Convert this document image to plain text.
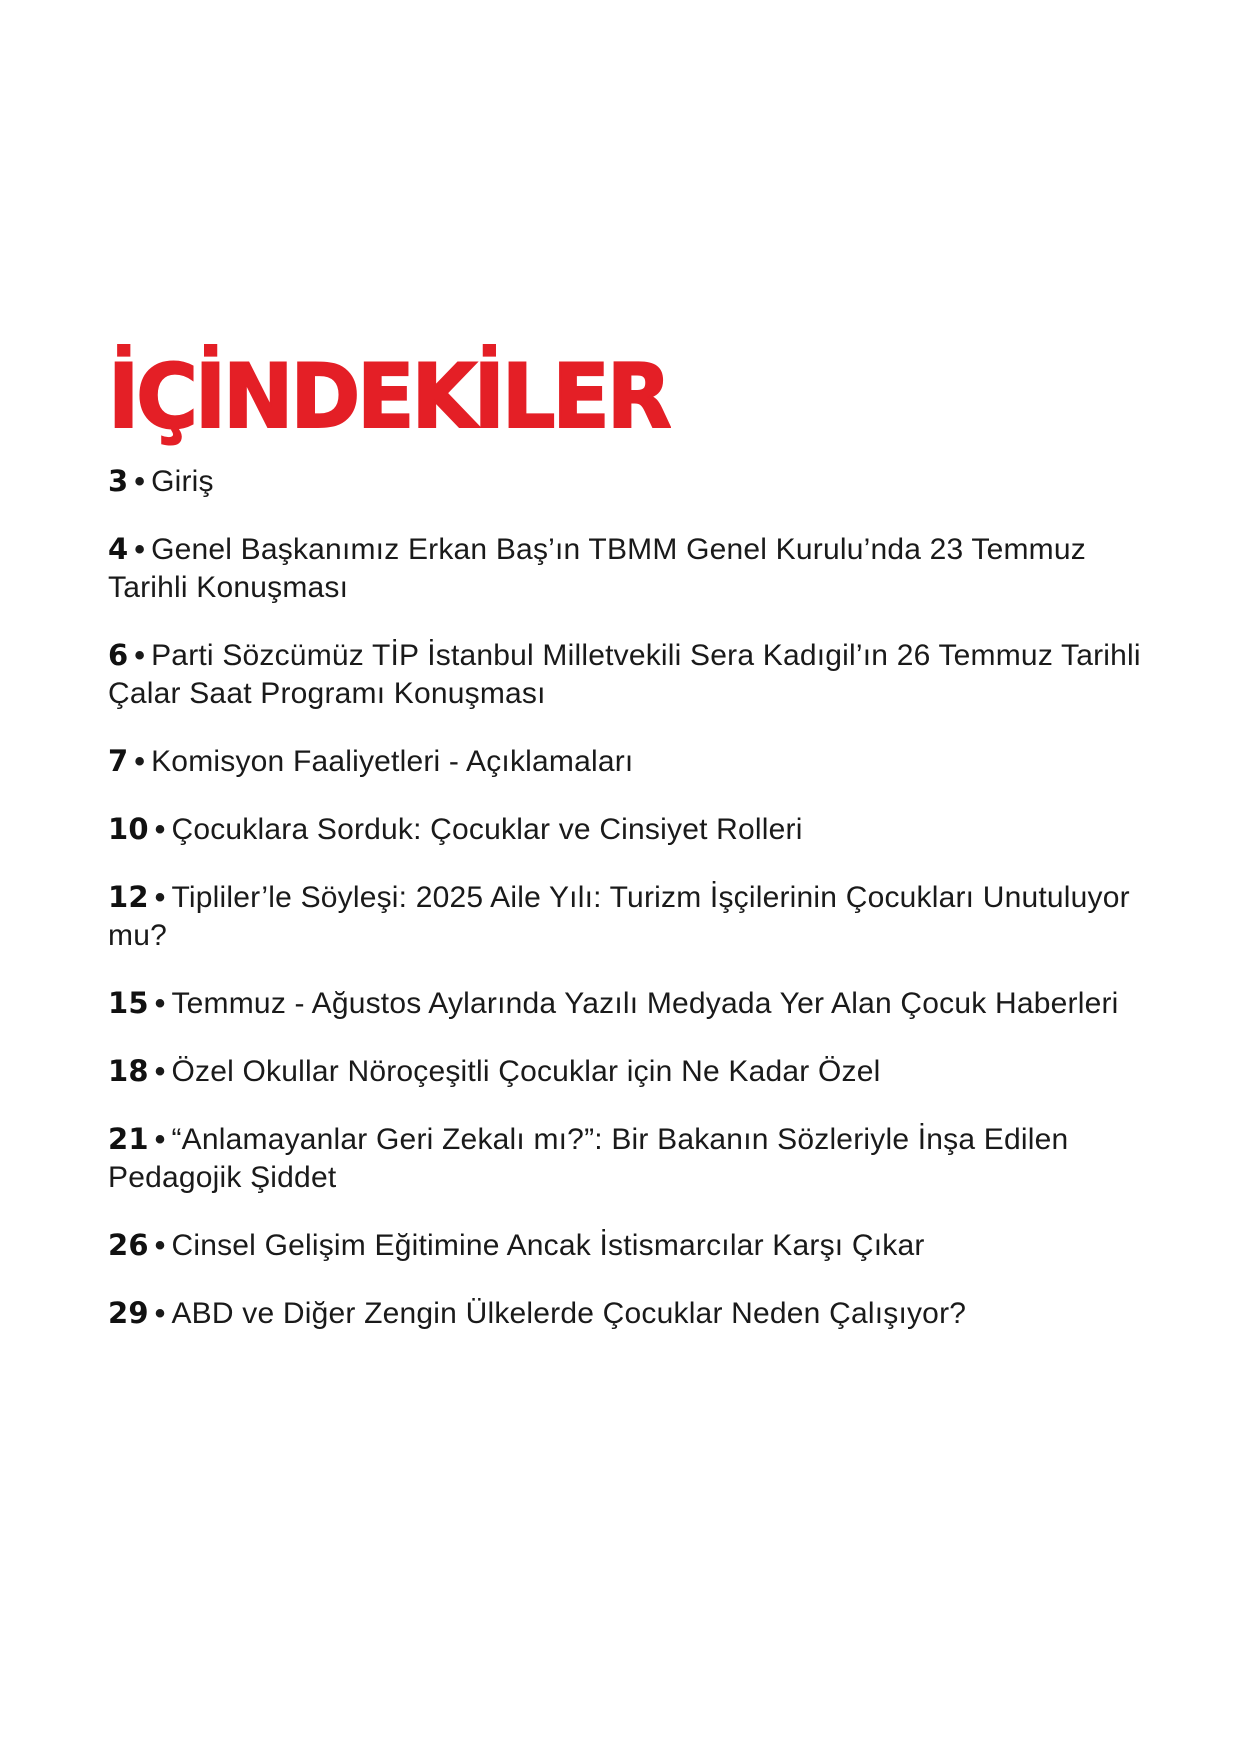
İÇİNDEKİLER
3 • Giriş
4 • Genel Başkanımız Erkan Baş’ın TBMM Genel Kurulu’nda 23 Temmuz Tarihli Konuşması
6 • Parti Sözcümüz TİP İstanbul Milletvekili Sera Kadıgil’ın 26 Temmuz Tarihli Çalar Saat Programı Konuşması
7 • Komisyon Faaliyetleri - Açıklamaları
10 • Çocuklara Sorduk: Çocuklar ve Cinsiyet Rolleri
12 • Tipliler’le Söyleşi: 2025 Aile Yılı: Turizm İşçilerinin Çocukları Unutuluyor mu?
15 • Temmuz - Ağustos Aylarında Yazılı Medyada Yer Alan Çocuk Haberleri
18 • Özel Okullar Nöroçeşitli Çocuklar için Ne Kadar Özel
21 • “Anlamayanlar Geri Zekalı mı?”: Bir Bakanın Sözleriyle İnşa Edilen Pedagojik Şiddet
26 • Cinsel Gelişim Eğitimine Ancak İstismarcılar Karşı Çıkar
29 • ABD ve Diğer Zengin Ülkelerde Çocuklar Neden Çalışıyor?
